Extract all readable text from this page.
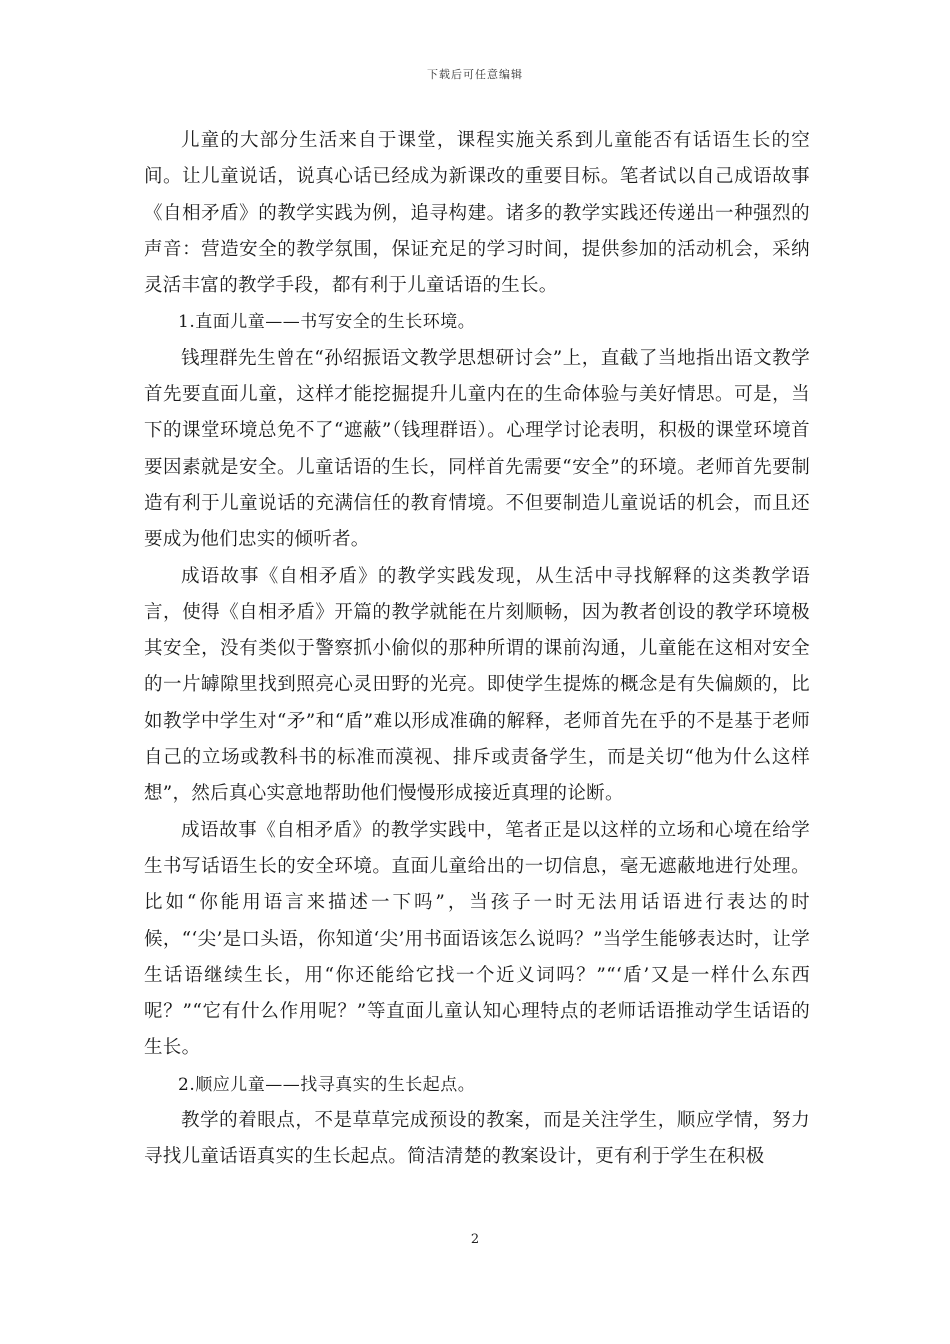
下载后可任意编辑

儿童的大部分生活来自于课堂，课程实施关系到儿童能否有话语生长的空间。让儿童说话，说真心话已经成为新课改的重要目标。笔者试以自己成语故事《自相矛盾》的教学实践为例，追寻构建。诸多的教学实践还传递出一种强烈的声音：营造安全的教学氛围，保证充足的学习时间，提供参加的活动机会，采纳灵活丰富的教学手段，都有利于儿童话语的生长。

1.直面儿童——书写安全的生长环境。

钱理群先生曾在“孙绍振语文教学思想研讨会”上，直截了当地指出语文教学首先要直面儿童，这样才能挖掘提升儿童内在的生命体验与美好情思。可是，当下的课堂环境总免不了“遮蔽”（钱理群语）。心理学讨论表明，积极的课堂环境首要因素就是安全。儿童话语的生长，同样首先需要“安全”的环境。老师首先要制造有利于儿童说话的充满信任的教育情境。不但要制造儿童说话的机会，而且还要成为他们忠实的倾听者。

成语故事《自相矛盾》的教学实践发现，从生活中寻找解释的这类教学语言，使得《自相矛盾》开篇的教学就能在片刻顺畅，因为教者创设的教学环境极其安全，没有类似于警察抓小偷似的那种所谓的课前沟通，儿童能在这相对安全的一片罅隙里找到照亮心灵田野的光亮。即使学生提炼的概念是有失偏颇的，比如教学中学生对“矛”和“盾”难以形成准确的解释，老师首先在乎的不是基于老师自己的立场或教科书的标准而漠视、排斥或责备学生，而是关切“他为什么这样想”，然后真心实意地帮助他们慢慢形成接近真理的论断。

成语故事《自相矛盾》的教学实践中，笔者正是以这样的立场和心境在给学生书写话语生长的安全环境。直面儿童给出的一切信息，毫无遮蔽地进行处理。比如“你能用语言来描述一下吗”，当孩子一时无法用话语进行表达的时候，“‘尖’是口头语，你知道‘尖’用书面语该怎么说吗？”当学生能够表达时，让学生话语继续生长，用“你还能给它找一个近义词吗？”“‘盾’又是一样什么东西呢？”“它有什么作用呢？”等直面儿童认知心理特点的老师话语推动学生话语的生长。

2.顺应儿童——找寻真实的生长起点。

教学的着眼点，不是草草完成预设的教案，而是关注学生，顺应学情，努力寻找儿童话语真实的生长起点。简洁清楚的教案设计，更有利于学生在积极

2
